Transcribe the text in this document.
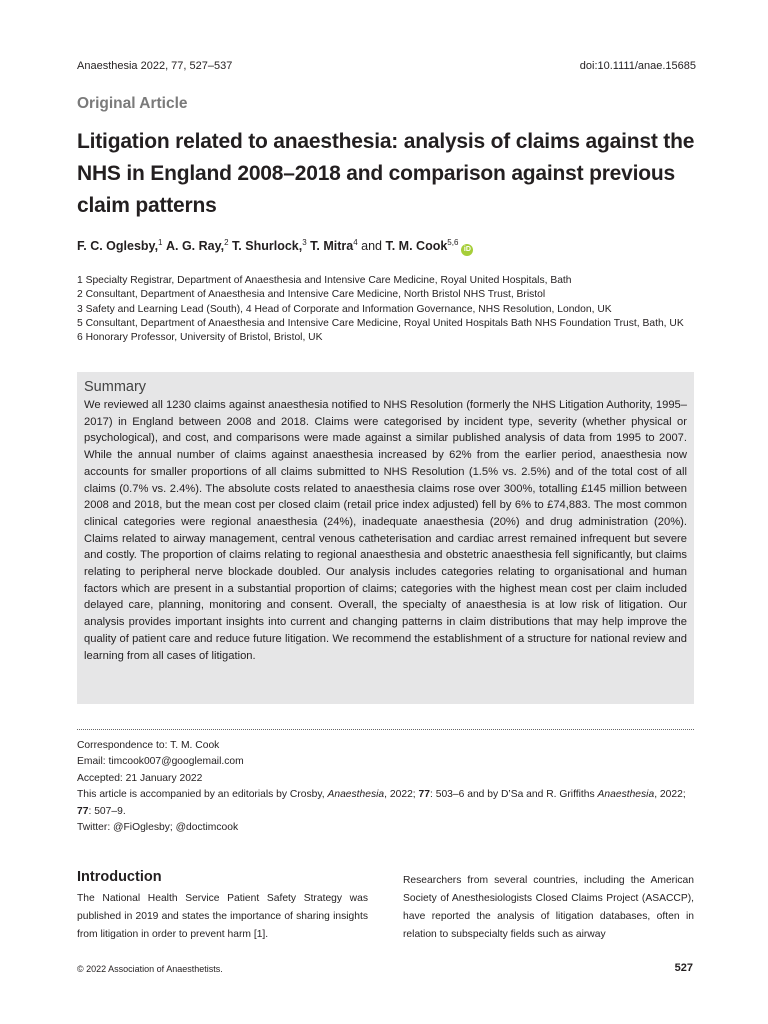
Anaesthesia 2022, 77, 527–537	doi:10.1111/anae.15685
Original Article
Litigation related to anaesthesia: analysis of claims against the NHS in England 2008–2018 and comparison against previous claim patterns
F. C. Oglesby,$^1$ A. G. Ray,$^2$ T. Shurlock,$^3$ T. Mitra$^4$ and T. M. Cook$^{5,6}$iD
1 Specialty Registrar, Department of Anaesthesia and Intensive Care Medicine, Royal United Hospitals, Bath
2 Consultant, Department of Anaesthesia and Intensive Care Medicine, North Bristol NHS Trust, Bristol
3 Safety and Learning Lead (South), 4 Head of Corporate and Information Governance, NHS Resolution, London, UK
5 Consultant, Department of Anaesthesia and Intensive Care Medicine, Royal United Hospitals Bath NHS Foundation Trust, Bath, UK
6 Honorary Professor, University of Bristol, Bristol, UK
Summary

We reviewed all 1230 claims against anaesthesia notified to NHS Resolution (formerly the NHS Litigation Authority, 1995–2017) in England between 2008 and 2018. Claims were categorised by incident type, severity (whether physical or psychological), and cost, and comparisons were made against a similar published analysis of data from 1995 to 2007. While the annual number of claims against anaesthesia increased by 62% from the earlier period, anaesthesia now accounts for smaller proportions of all claims submitted to NHS Resolution (1.5% vs. 2.5%) and of the total cost of all claims (0.7% vs. 2.4%). The absolute costs related to anaesthesia claims rose over 300%, totalling £145 million between 2008 and 2018, but the mean cost per closed claim (retail price index adjusted) fell by 6% to £74,883. The most common clinical categories were regional anaesthesia (24%), inadequate anaesthesia (20%) and drug administration (20%). Claims related to airway management, central venous catheterisation and cardiac arrest remained infrequent but severe and costly. The proportion of claims relating to regional anaesthesia and obstetric anaesthesia fell significantly, but claims relating to peripheral nerve blockade doubled. Our analysis includes categories relating to organisational and human factors which are present in a substantial proportion of claims; categories with the highest mean cost per claim included delayed care, planning, monitoring and consent. Overall, the specialty of anaesthesia is at low risk of litigation. Our analysis provides important insights into current and changing patterns in claim distributions that may help improve the quality of patient care and reduce future litigation. We recommend the establishment of a structure for national review and learning from all cases of litigation.

Correspondence to: T. M. Cook
Email: timcook007@googlemail.com
Accepted: 21 January 2022
This article is accompanied by an editorials by Crosby, Anaesthesia, 2022; 77: 503–6 and by D’Sa and R. Griffiths Anaesthesia, 2022; 77: 507–9.
Twitter: @FiOglesby; @doctimcook
Introduction
The National Health Service Patient Safety Strategy was published in 2019 and states the importance of sharing insights from litigation in order to prevent harm [1].
Researchers from several countries, including the American Society of Anesthesiologists Closed Claims Project (ASACCP), have reported the analysis of litigation databases, often in relation to subspecialty fields such as airway
© 2022 Association of Anaesthetists.	527
